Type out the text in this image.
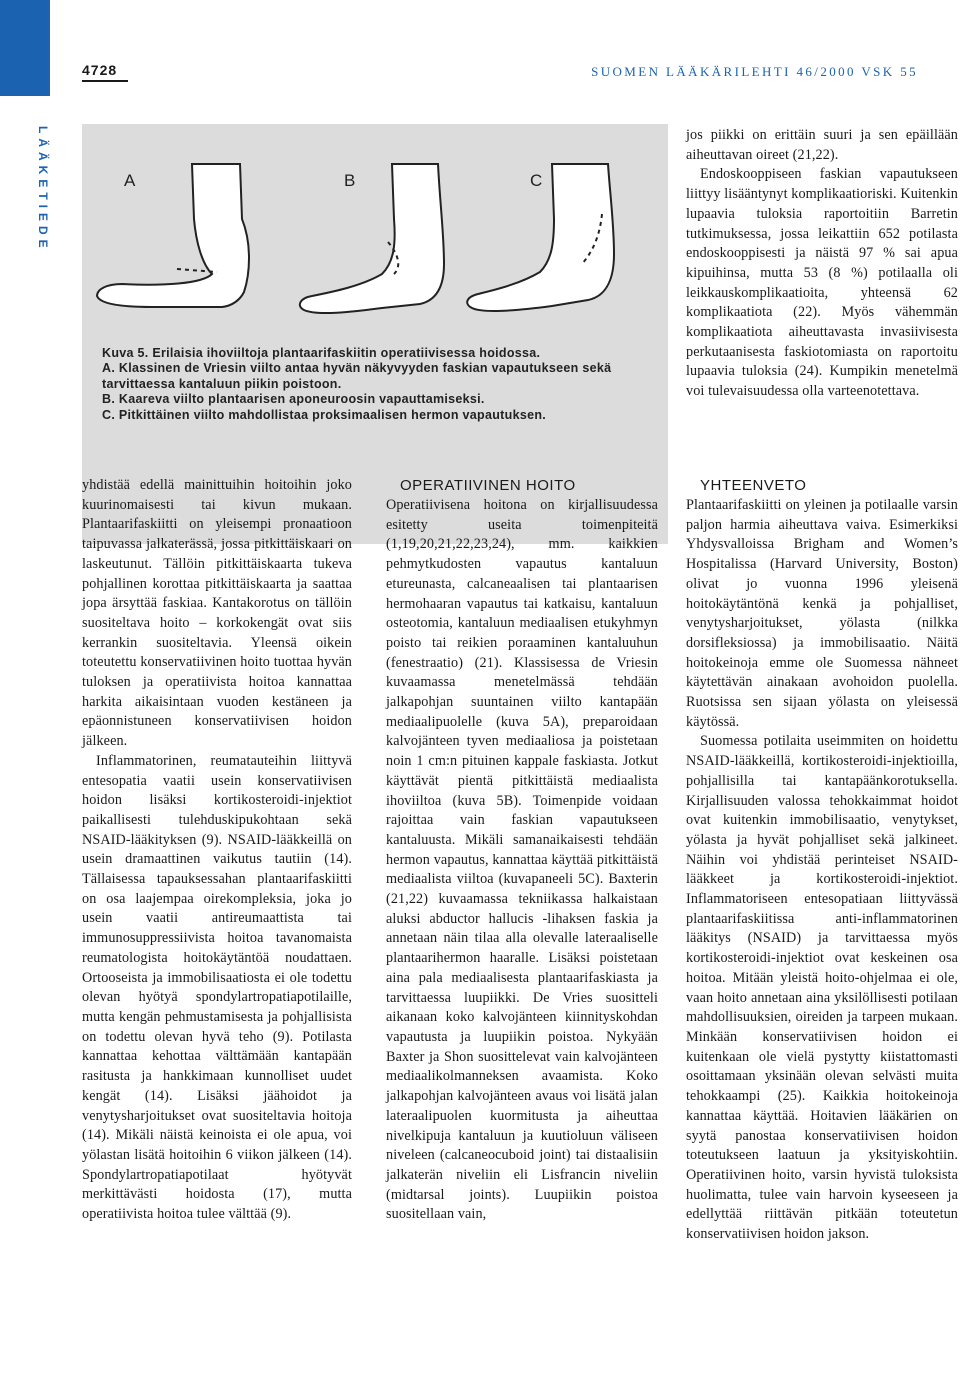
LÄÄKETIEDE
4728	SUOMEN LÄÄKÄRILEHTI 46/2000 VSK 55
A	B	C

Kuva 5. Erilaisia ihoviiltoja plantaarifaskiitin operatiivisessa hoidossa.

A. Klassinen de Vriesin viilto antaa hyvän näkyvyyden faskian vapautukseen sekä tarvittaessa kantaluun piikin poistoon.

B. Kaareva viilto plantaarisen aponeuroosin vapauttamiseksi.

C. Pitkittäinen viilto mahdollistaa proksimaalisen hermon vapautuksen.

yhdistää edellä mainittuihin hoitoihin joko kuurinomaisesti tai kivun mukaan. Plantaarifaskiitti on yleisempi pronaatioon taipuvassa jalkaterässä, jossa pitkittäiskaari on laskeutunut. Tällöin pitkittäiskaarta tukeva pohjallinen korottaa pitkittäiskaarta ja saattaa jopa ärsyttää faskiaa. Kantakorotus on tällöin suositeltava hoito – korkokengät ovat siis kerrankin suositeltavia. Yleensä oikein toteutettu konservatiivinen hoito tuottaa hyvän tuloksen ja operatiivista hoitoa kannattaa harkita aikaisintaan vuoden kestäneen ja epäonnistuneen konservatiivisen hoidon jälkeen.

Inflammatorinen, reumatauteihin liittyvä entesopatia vaatii usein konservatiivisen hoidon lisäksi kortikosteroidi-injektiot paikallisesti tulehduskipukohtaan sekä NSAID-lääkityksen (9). NSAID-lääkkeillä on usein dramaattinen vaikutus tautiin (14). Tällaisessa tapauksessahan plantaarifaskiitti on osa laajempaa oirekompleksia, joka jo usein vaatii antireumaattista tai immunosuppressiivista hoitoa tavanomaista reumatologista hoitokäytäntöä noudattaen. Ortooseista ja immobilisaatiosta ei ole todettu olevan hyötyä spondylartropatiapotilaille, mutta kengän pehmustamisesta ja pohjallisista on todettu olevan hyvä teho (9). Potilasta kannattaa kehottaa välttämään kantapään rasitusta ja hankkimaan kunnolliset uudet kengät (14). Lisäksi jäähoidot ja venytysharjoitukset ovat suositeltavia hoitoja (14). Mikäli näistä keinoista ei ole apua, voi yölastan lisätä hoitoihin 6 viikon jälkeen (14). Spondylartropatiapotilaat hyötyvät merkittävästi hoidosta (17), mutta operatiivista hoitoa tulee välttää (9).

OPERATIIVINEN HOITO

Operatiivisena hoitona on kirjallisuudessa esitetty useita toimenpiteitä (1,19,20,21,22,23,24), mm. kaikkien pehmytkudosten vapautus kantaluun etureunasta, calcaneaalisen tai plantaarisen hermohaaran vapautus tai katkaisu, kantaluun osteotomia, kantaluun mediaalisen etukyhmyn poisto tai reikien poraaminen kantaluuhun (fenestraatio) (21). Klassisessa de Vriesin kuvaamassa menetelmässä tehdään jalkapohjan suuntainen viilto kantapään mediaalipuolelle (kuva 5A), preparoidaan kalvojänteen tyven mediaaliosa ja poistetaan noin 1 cm:n pituinen kappale faskiasta. Jotkut käyttävät pientä pitkittäistä mediaalista ihoviiltoa (kuva 5B). Toimenpide voidaan rajoittaa vain faskian vapautukseen kantaluusta. Mikäli samanaikaisesti tehdään hermon vapautus, kannattaa käyttää pitkittäistä mediaalista viiltoa (kuvapaneeli 5C). Baxterin (21,22) kuvaamassa tekniikassa halkaistaan aluksi abductor hallucis -lihaksen faskia ja annetaan näin tilaa alla olevalle lateraaliselle plantaarihermon haaralle. Lisäksi poistetaan aina pala mediaalisesta plantaarifaskiasta ja tarvittaessa luupiikki. De Vries suositteli aikanaan koko kalvojänteen kiinnityskohdan vapautusta ja luupiikin poistoa. Nykyään Baxter ja Shon suosittelevat vain kalvojänteen mediaalikolmanneksen avaamista. Koko jalkapohjan kalvojänteen avaus voi lisätä jalan lateraalipuolen kuormitusta ja aiheuttaa nivelkipuja kantaluun ja kuutioluun väliseen niveleen (calcaneocuboid joint) tai distaalisiin jalkaterän niveliin eli Lisfrancin niveliin (midtarsal joints). Luupiikin poistoa suositellaan vain,

jos piikki on erittäin suuri ja sen epäillään aiheuttavan oireet (21,22).

Endoskooppiseen faskian vapautukseen liittyy lisääntynyt komplikaatioriski. Kuitenkin lupaavia tuloksia raportoitiin Barretin tutkimuksessa, jossa leikattiin 652 potilasta endoskooppisesti ja näistä 97 % sai apua kipuihinsa, mutta 53 (8 %) potilaalla oli leikkauskomplikaatioita, yhteensä 62 komplikaatiota (22). Myös vähemmän komplikaatiota aiheuttavasta invasiivisesta perkutaanisesta faskiotomiasta on raportoitu lupaavia tuloksia (24). Kumpikin menetelmä voi tulevaisuudessa olla varteenotettava.

YHTEENVETO

Plantaarifaskiitti on yleinen ja potilaalle varsin paljon harmia aiheuttava vaiva. Esimerkiksi Yhdysvalloissa Brigham and Women’s Hospitalissa (Harvard University, Boston) olivat jo vuonna 1996 yleisenä hoitokäytäntönä kenkä ja pohjalliset, venytysharjoitukset, yölasta (nilkka dorsifleksiossa) ja immobilisaatio. Näitä hoitokeinoja emme ole Suomessa nähneet käytettävän ainakaan avohoidon puolella. Ruotsissa sen sijaan yölasta on yleisessä käytössä.

Suomessa potilaita useimmiten on hoidettu NSAID-lääkkeillä, kortikosteroidi-injektioilla, pohjallisilla tai kantapäänkorotuksella. Kirjallisuuden valossa tehokkaimmat hoidot ovat kuitenkin immobilisaatio, venytykset, yölasta ja hyvät pohjalliset sekä jalkineet. Näihin voi yhdistää perinteiset NSAID-lääkkeet ja kortikosteroidi-injektiot. Inflammatoriseen entesopatiaan liittyvässä plantaarifaskiitissa anti-inflammatorinen lääkitys (NSAID) ja tarvittaessa myös kortikosteroidi-injektiot ovat keskeinen osa hoitoa. Mitään yleistä hoito-ohjelmaa ei ole, vaan hoito annetaan aina yksilöllisesti potilaan mahdollisuuksien, oireiden ja tarpeen mukaan. Minkään konservatiivisen hoidon ei kuitenkaan ole vielä pystytty kiistattomasti osoittamaan yksinään olevan selvästi muita tehokkaampi (25). Kaikkia hoitokeinoja kannattaa käyttää. Hoitavien lääkärien on syytä panostaa konservatiivisen hoidon toteutukseen laatuun ja yksityiskohtiin. Operatiivinen hoito, varsin hyvistä tuloksista huolimatta, tulee vain harvoin kyseeseen ja edellyttää riittävän pitkään toteutetun konservatiivisen hoidon jakson.
